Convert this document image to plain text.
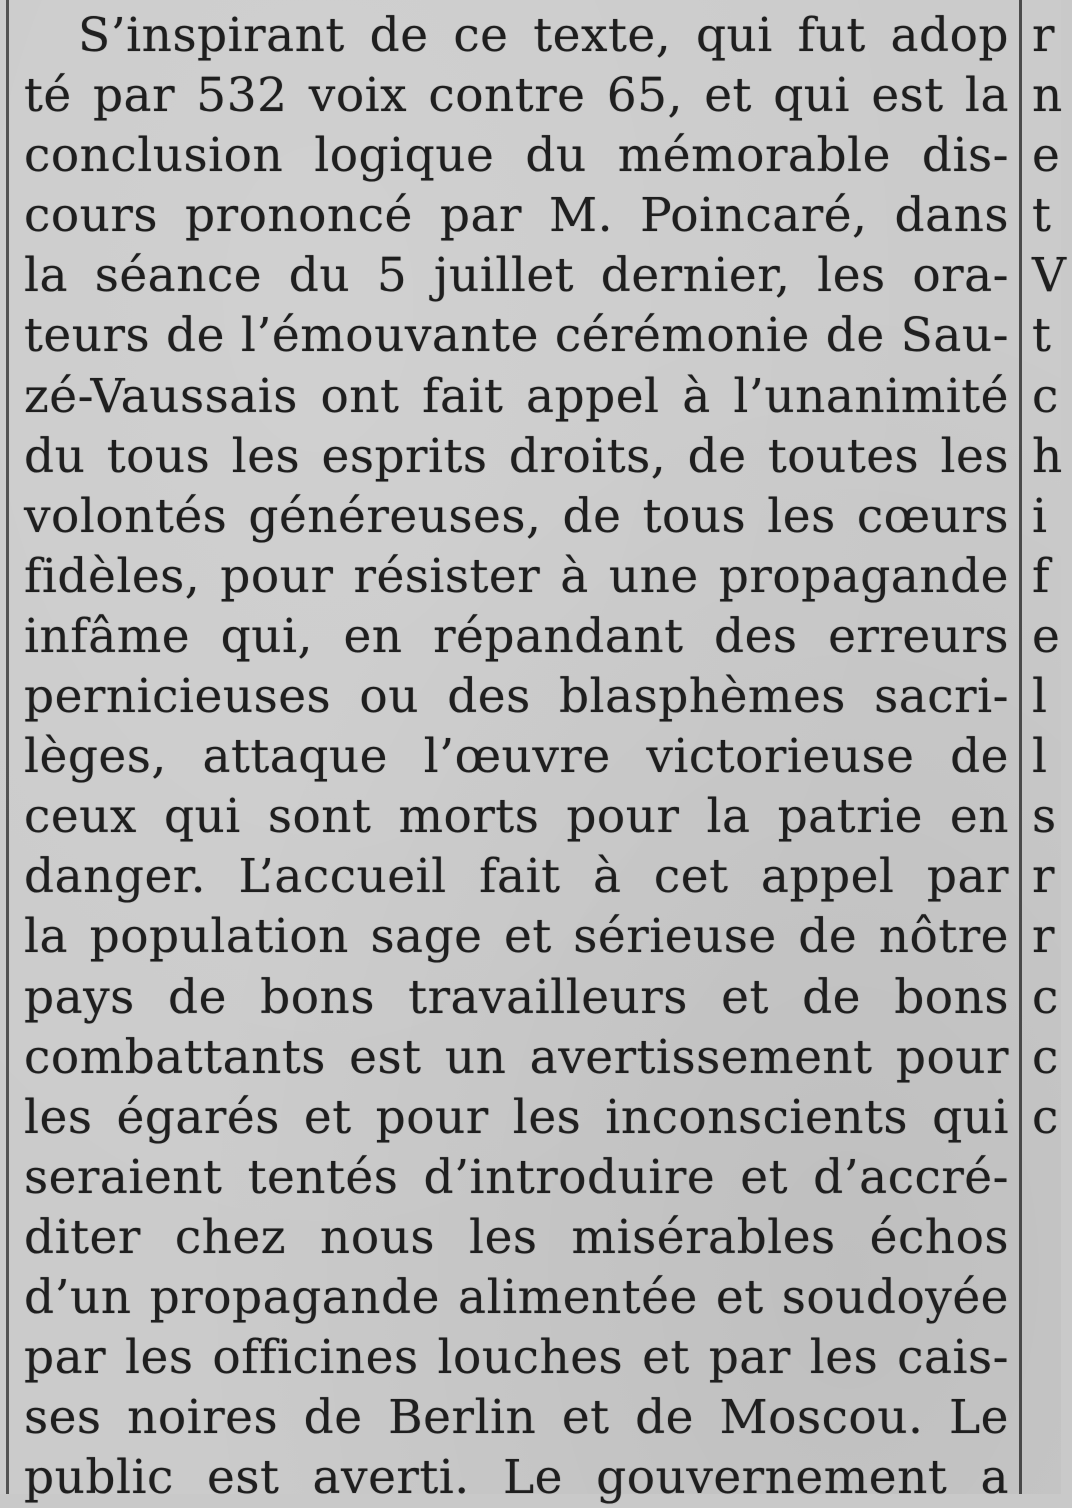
S’inspirant de ce texte, qui fut adop
té par 532 voix contre 65, et qui est la
conclusion logique du mémorable dis-
cours prononcé par M. Poincaré, dans
la séance du 5 juillet dernier, les ora-
teurs de l’émouvante cérémonie de Sau-
zé-Vaussais ont fait appel à l’unanimité
du tous les esprits droits, de toutes les
volontés généreuses, de tous les cœurs
fidèles, pour résister à une propagande
infâme qui, en répandant des erreurs
pernicieuses ou des blasphèmes sacri-
lèges, attaque l’œuvre victorieuse de
ceux qui sont morts pour la patrie en
danger. L’accueil fait à cet appel par
la population sage et sérieuse de nôtre
pays de bons travailleurs et de bons
combattants est un avertissement pour
les égarés et pour les inconscients qui
seraient tentés d’introduire et d’accré-
diter chez nous les misérables échos
d’un propagande alimentée et soudoyée
par les officines louches et par les cais-
ses noires de Berlin et de Moscou. Le
public est averti. Le gouvernement a
r
n
e
t
V
t
c
h
i
f
e
l
l
s
r
r
c
c
c
